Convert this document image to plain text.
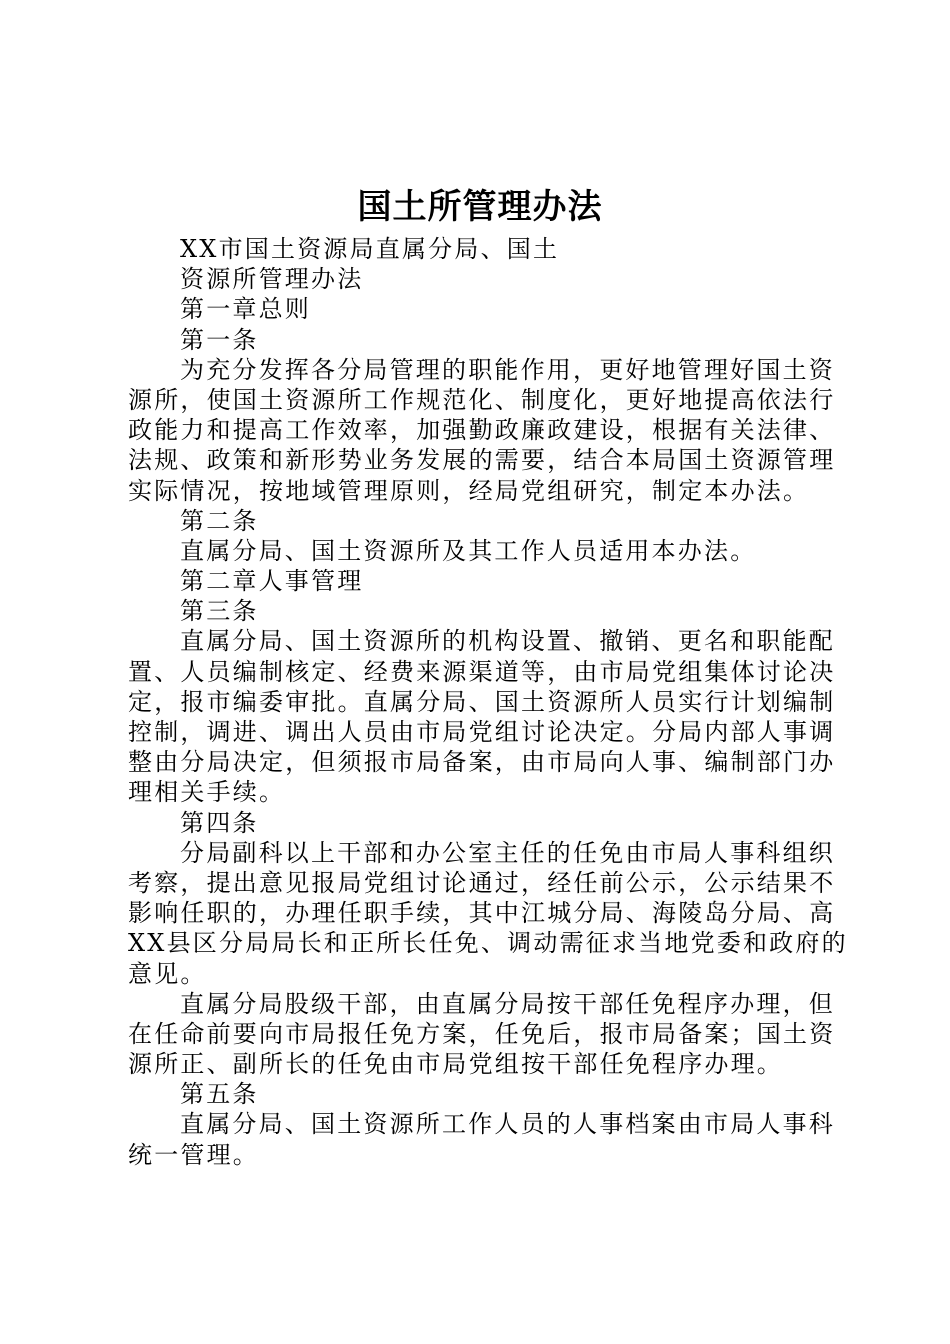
国土所管理办法

XX市国土资源局直属分局、国土

资源所管理办法

第一章总则

第一条

为充分发挥各分局管理的职能作用，更好地管理好国土资

源所，使国土资源所工作规范化、制度化，更好地提高依法行

政能力和提高工作效率，加强勤政廉政建设，根据有关法律、

法规、政策和新形势业务发展的需要，结合本局国土资源管理

实际情况，按地域管理原则，经局党组研究，制定本办法。

第二条

直属分局、国土资源所及其工作人员适用本办法。

第二章人事管理

第三条

直属分局、国土资源所的机构设置、撤销、更名和职能配

置、人员编制核定、经费来源渠道等，由市局党组集体讨论决

定，报市编委审批。直属分局、国土资源所人员实行计划编制

控制，调进、调出人员由市局党组讨论决定。分局内部人事调

整由分局决定，但须报市局备案，由市局向人事、编制部门办

理相关手续。

第四条

分局副科以上干部和办公室主任的任免由市局人事科组织

考察，提出意见报局党组讨论通过，经任前公示，公示结果不

影响任职的，办理任职手续，其中江城分局、海陵岛分局、高

XX县区分局局长和正所长任免、调动需征求当地党委和政府的

意见。

直属分局股级干部，由直属分局按干部任免程序办理，但

在任命前要向市局报任免方案，任免后，报市局备案；国土资

源所正、副所长的任免由市局党组按干部任免程序办理。

第五条

直属分局、国土资源所工作人员的人事档案由市局人事科

统一管理。
